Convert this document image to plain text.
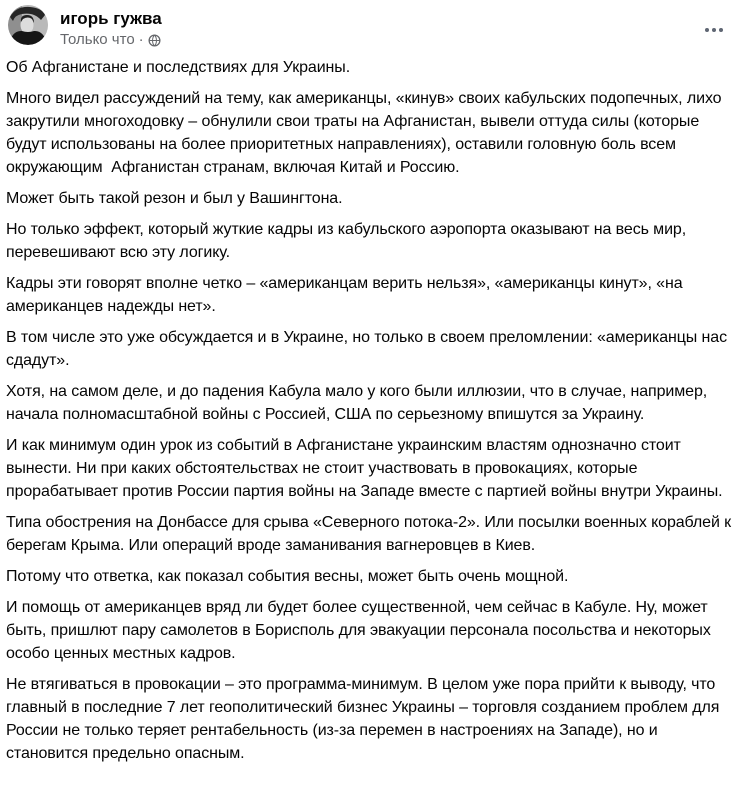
игорь гужва
Только что ·

Об Афганистане и последствиях для Украины.

Много видел рассуждений на тему, как американцы, «кинув» своих кабульских подопечных, лихо закрутили многоходовку – обнулили свои траты на Афганистан, вывели оттуда силы (которые будут использованы на более приоритетных направлениях), оставили головную боль всем окружающим  Афганистан странам, включая Китай и Россию.

Может быть такой резон и был у Вашингтона.

Но только эффект, который жуткие кадры из кабульского аэропорта оказывают на весь мир, перевешивают всю эту логику.

Кадры эти говорят вполне четко – «американцам верить нельзя», «американцы кинут», «на американцев надежды нет».

В том числе это уже обсуждается и в Украине, но только в своем преломлении: «американцы нас сдадут».

Хотя, на самом деле, и до падения Кабула мало у кого были иллюзии, что в случае, например, начала полномасштабной войны с Россией, США по серьезному впишутся за Украину.

И как минимум один урок из событий в Афганистане украинским властям однозначно стоит вынести. Ни при каких обстоятельствах не стоит участвовать в провокациях, которые прорабатывает против России партия войны на Западе вместе с партией войны внутри Украины.

Типа обострения на Донбассе для срыва «Северного потока-2». Или посылки военных кораблей к берегам Крыма. Или операций вроде заманивания вагнеровцев в Киев.

Потому что ответка, как показал события весны, может быть очень мощной.

И помощь от американцев вряд ли будет более существенной, чем сейчас в Кабуле. Ну, может быть, пришлют пару самолетов в Борисполь для эвакуации персонала посольства и некоторых особо ценных местных кадров.

Не втягиваться в провокации – это программа-минимум. В целом уже пора прийти к выводу, что главный в последние 7 лет геополитический бизнес Украины – торговля созданием проблем для России не только теряет рентабельность (из-за перемен в настроениях на Западе), но и становится предельно опасным.
